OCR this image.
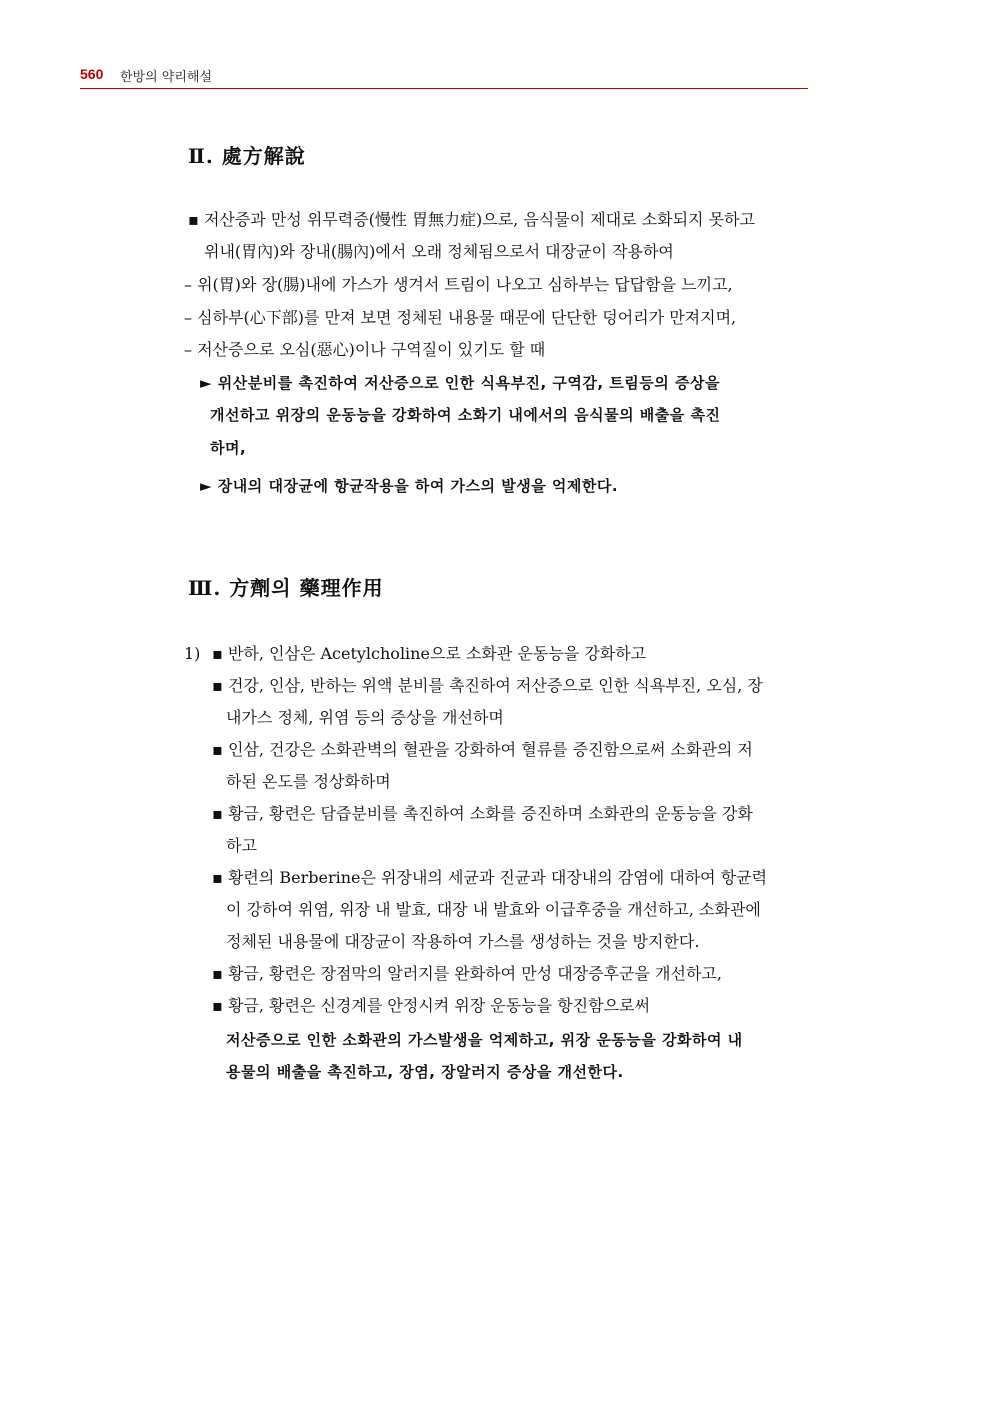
560 한방의 약리해설
Ⅱ. 處方解說
▪ 저산증과 만성 위무력증(慢性 胃無力症)으로, 음식물이 제대로 소화되지 못하고
위내(胃內)와 장내(腸內)에서 오래 정체됨으로서 대장균이 작용하여
– 위(胃)와 장(腸)내에 가스가 생겨서 트림이 나오고 심하부는 답답함을 느끼고,
– 심하부(心下部)를 만져 보면 정체된 내용물 때문에 단단한 덩어리가 만져지며,
– 저산증으로 오심(惡心)이나 구역질이 있기도 할 때
► 위산분비를 촉진하여 저산증으로 인한 식욕부진, 구역감, 트림등의 증상을
개선하고 위장의 운동능을 강화하여 소화기 내에서의 음식물의 배출을 촉진
하며,
► 장내의 대장균에 항균작용을 하여 가스의 발생을 억제한다.
Ⅲ. 方劑의 藥理作用
1) ▪ 반하, 인삼은 Acetylcholine으로 소화관 운동능을 강화하고
▪ 건강, 인삼, 반하는 위액 분비를 촉진하여 저산증으로 인한 식욕부진, 오심, 장
내가스 정체, 위염 등의 증상을 개선하며
▪ 인삼, 건강은 소화관벽의 혈관을 강화하여 혈류를 증진함으로써 소화관의 저
하된 온도를 정상화하며
▪ 황금, 황련은 담즙분비를 촉진하여 소화를 증진하며 소화관의 운동능을 강화
하고
▪ 황련의 Berberine은 위장내의 세균과 진균과 대장내의 감염에 대하여 항균력
이 강하여 위염, 위장 내 발효, 대장 내 발효와 이급후중을 개선하고, 소화관에
정체된 내용물에 대장균이 작용하여 가스를 생성하는 것을 방지한다.
▪ 황금, 황련은 장점막의 알러지를 완화하여 만성 대장증후군을 개선하고,
▪ 황금, 황련은 신경계를 안정시켜 위장 운동능을 항진함으로써
저산증으로 인한 소화관의 가스발생을 억제하고, 위장 운동능을 강화하여 내
용물의 배출을 촉진하고, 장염, 장알러지 증상을 개선한다.
